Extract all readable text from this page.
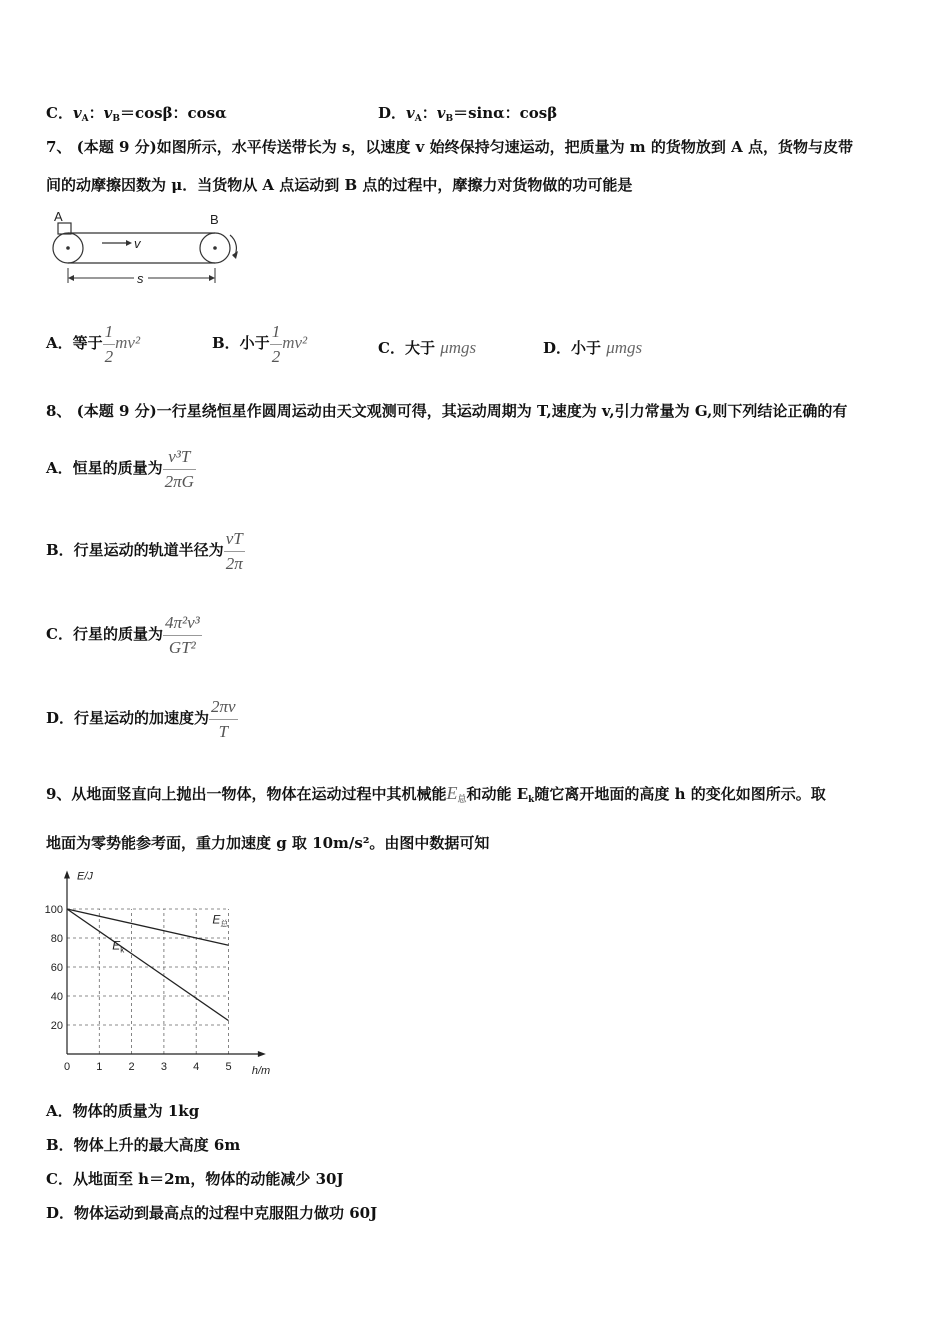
C．$v_A$：$v_B=\cos\beta$：cosα	D．$v_A$：$v_B=\sin\alpha$：cosβ
7、 (本题 9 分)如图所示，水平传送带长为 s，以速度 v 始终保持匀速运动，把质量为 m 的货物放到 A 点，货物与皮带
间的动摩擦因数为 μ．当货物从 A 点运动到 B 点的过程中，摩擦力对货物做的功可能是
A	B
v
s
A．等于 $\frac{1}{2} mv^2$	B．小于 $\frac{1}{2} mv^2$	C．大于 μmgs	D．小于 μmgs
8、 (本题 9 分)一行星绕恒星作圆周运动由天文观测可得，其运动周期为 T,速度为 v,引力常量为 G,则下列结论正确的有
A．恒星的质量为 $\frac{\text{v³T}}{2\pi G}$
B．行星运动的轨道半径为 $\frac{vT}{2\pi}$
C．行星的质量为 $\frac{\text{4π²v³}}{\text{GT²}}$
D．行星运动的加速度为 $\frac{2\pi v}{T}$
9、从地面竖直向上抛出一物体，物体在运动过程中其机械能$E_总$和动能 $E_k$随它离开地面的高度 h 的变化如图所示。取
地面为零势能参考面，重力加速度 g 取 10m/s²。由图中数据可知
E/J
h/m
0 1 2 3 4 5
20
40
60
80
100
$E_总$
$E_k$
A．物体的质量为 1kg
B．物体上升的最大高度 6m
C．从地面至 h＝2m，物体的动能减少 30J
D．物体运动到最高点的过程中克服阻力做功 60J
